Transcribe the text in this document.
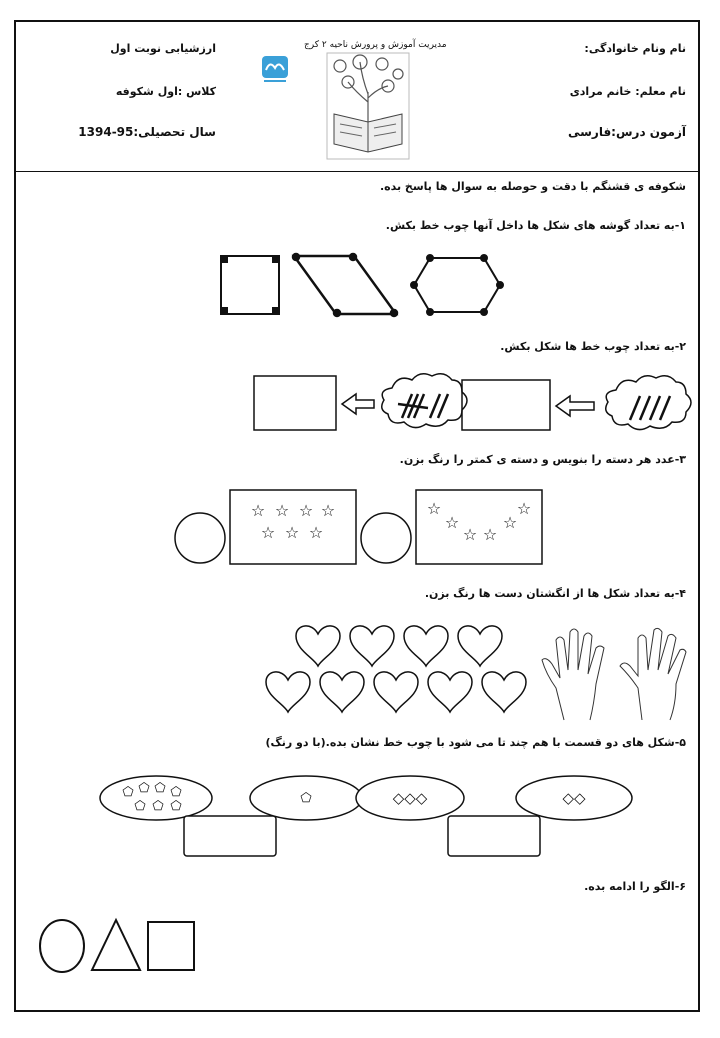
نام ونام خانوادگی:
نام معلم: خانم مرادی
آزمون درس:فارسی
ارزشیابی نوبت اول
کلاس :اول شکوفه
سال تحصیلی:95-1394
مدیریت آموزش و پرورش ناحیه ۲ کرج
شکوفه ی قشنگم با دقت و حوصله به سوال ها پاسخ بده.
۱-به تعداد گوشه های شکل ها داخل آنها چوب خط بکش.
۲-به تعداد چوب خط ها شکل بکش.
۳-عدد هر دسته را بنویس و دسته ی کمتر را رنگ بزن.
☆ ☆ ☆ ☆
☆ ☆ ☆
☆
☆
☆ ☆
☆
☆
۴-به تعداد شکل ها از انگشتان دست ها رنگ بزن.
۵-شکل های دو قسمت با هم چند تا می شود با چوب خط نشان بده.(با دو رنگ)
⬠ ⬠ ⬠ ⬠
⬠ ⬠ ⬠
⬠	◇◇◇	◇◇
۶-الگو را ادامه بده.
